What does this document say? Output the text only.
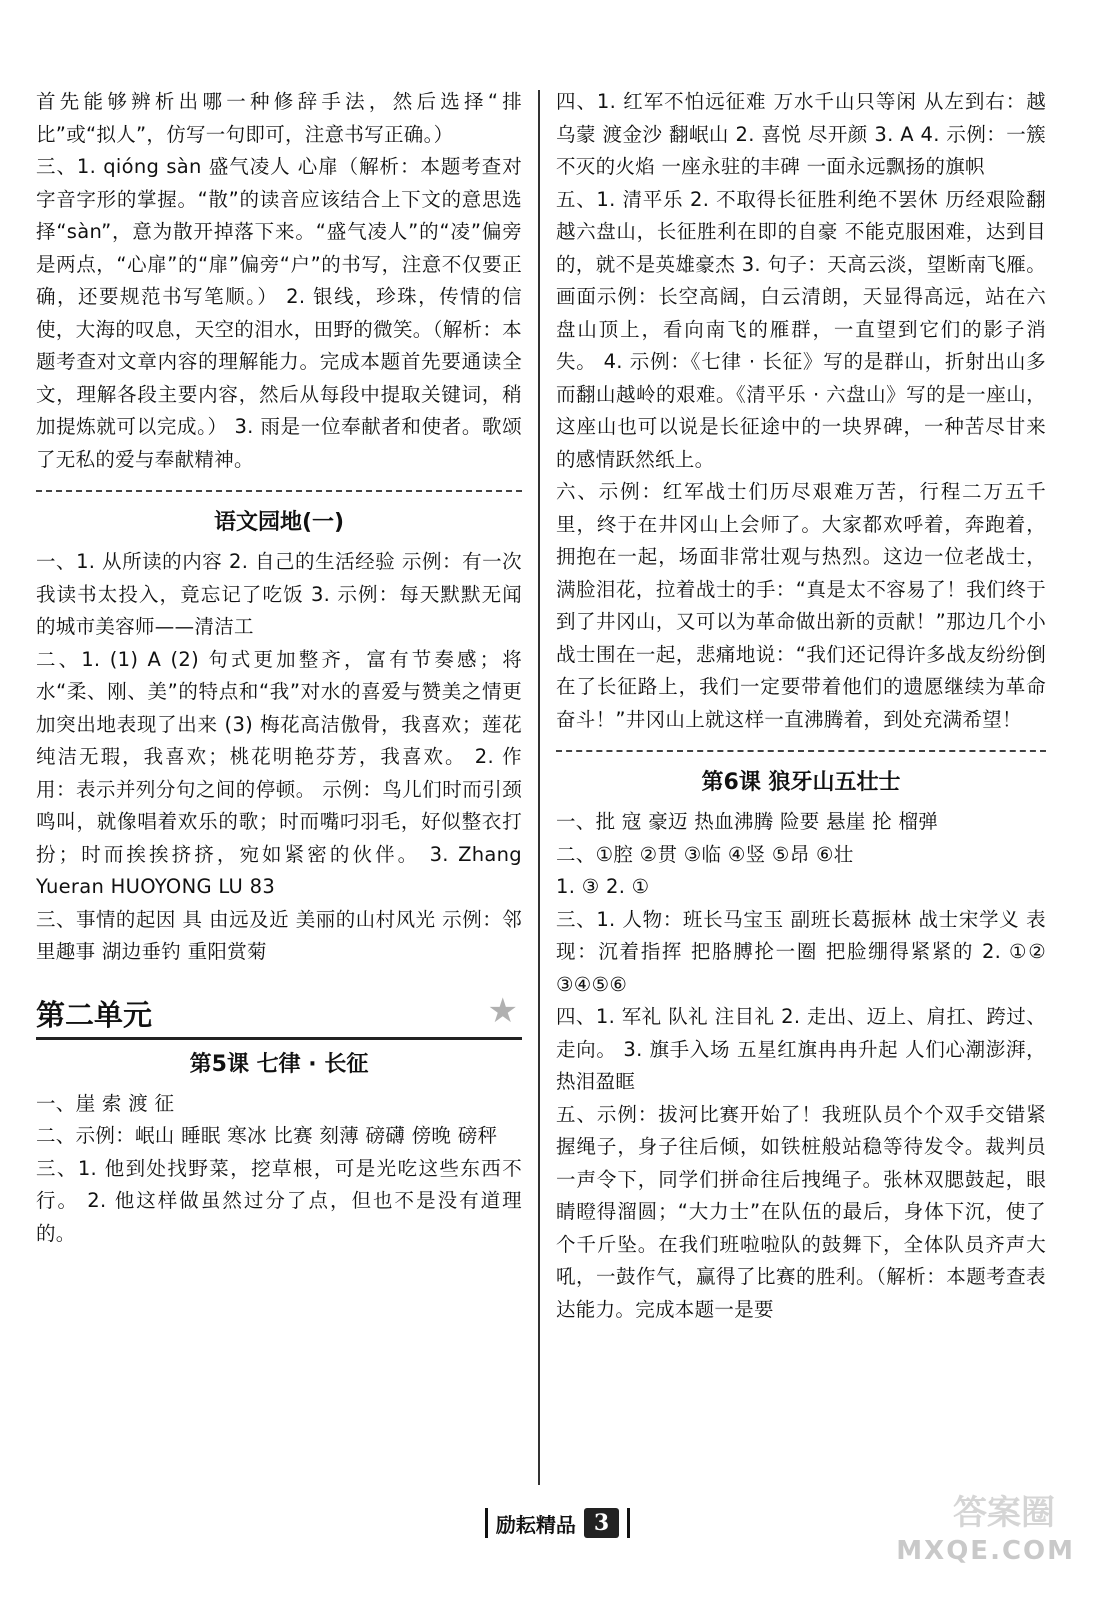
首先能够辨析出哪一种修辞手法，然后选择“排比”或“拟人”，仿写一句即可，注意书写正确。）

三、1. qióng sàn 盛气凌人 心扉（解析：本题考查对字音字形的掌握。“散”的读音应该结合上下文的意思选择“sàn”，意为散开掉落下来。“盛气凌人”的“凌”偏旁是两点，“心扉”的“扉”偏旁“户”的书写，注意不仅要正确，还要规范书写笔顺。） 2. 银线，珍珠，传情的信使，大海的叹息，天空的泪水，田野的微笑。（解析：本题考查对文章内容的理解能力。完成本题首先要通读全文，理解各段主要内容，然后从每段中提取关键词，稍加提炼就可以完成。） 3. 雨是一位奉献者和使者。歌颂了无私的爱与奉献精神。

语文园地(一)

一、1. 从所读的内容 2. 自己的生活经验 示例：有一次我读书太投入，竟忘记了吃饭 3. 示例：每天默默无闻的城市美容师——清洁工

二、1. (1) A (2) 句式更加整齐，富有节奏感；将水“柔、刚、美”的特点和“我”对水的喜爱与赞美之情更加突出地表现了出来 (3) 梅花高洁傲骨，我喜欢；莲花纯洁无瑕，我喜欢；桃花明艳芬芳，我喜欢。 2. 作用：表示并列分句之间的停顿。 示例：鸟儿们时而引颈鸣叫，就像唱着欢乐的歌；时而嘴叼羽毛，好似整衣打扮；时而挨挨挤挤，宛如紧密的伙伴。 3. Zhang Yueran HUOYONG LU 83

三、事情的起因 具 由远及近 美丽的山村风光 示例：邻里趣事 湖边垂钓 重阳赏菊

第二单元	★
第5课 七律 · 长征

一、崖 索 渡 征

二、示例：岷山 睡眠 寒冰 比赛 刻薄 磅礴 傍晚 磅秤

三、1. 他到处找野菜，挖草根，可是光吃这些东西不行。 2. 他这样做虽然过分了点，但也不是没有道理的。

四、1. 红军不怕远征难 万水千山只等闲 从左到右：越乌蒙 渡金沙 翻岷山 2. 喜悦 尽开颜 3. A 4. 示例：一簇不灭的火焰 一座永驻的丰碑 一面永远飘扬的旗帜

五、1. 清平乐 2. 不取得长征胜利绝不罢休 历经艰险翻越六盘山，长征胜利在即的自豪 不能克服困难，达到目的，就不是英雄豪杰 3. 句子：天高云淡，望断南飞雁。 画面示例：长空高阔，白云清朗，天显得高远，站在六盘山顶上，看向南飞的雁群，一直望到它们的影子消失。 4. 示例：《七律 · 长征》写的是群山，折射出山多而翻山越岭的艰难。《清平乐 · 六盘山》写的是一座山，这座山也可以说是长征途中的一块界碑，一种苦尽甘来的感情跃然纸上。

六、示例：红军战士们历尽艰难万苦，行程二万五千里，终于在井冈山上会师了。大家都欢呼着，奔跑着，拥抱在一起，场面非常壮观与热烈。这边一位老战士，满脸泪花，拉着战士的手：“真是太不容易了！我们终于到了井冈山，又可以为革命做出新的贡献！”那边几个小战士围在一起，悲痛地说：“我们还记得许多战友纷纷倒在了长征路上，我们一定要带着他们的遗愿继续为革命奋斗！”井冈山上就这样一直沸腾着，到处充满希望！

第6课 狼牙山五壮士

一、批 寇 豪迈 热血沸腾 险要 悬崖 抡 榴弹

二、①腔 ②贯 ③临 ④竖 ⑤昂 ⑥壮

1. ③ 2. ①

三、1. 人物：班长马宝玉 副班长葛振林 战士宋学义 表现：沉着指挥 把胳膊抡一圈 把脸绷得紧紧的 2. ①② ③④⑤⑥

四、1. 军礼 队礼 注目礼 2. 走出、迈上、肩扛、跨过、走向。 3. 旗手入场 五星红旗冉冉升起 人们心潮澎湃，热泪盈眶

五、示例：拔河比赛开始了！我班队员个个双手交错紧握绳子，身子往后倾，如铁桩般站稳等待发令。裁判员一声令下，同学们拼命往后拽绳子。张林双腮鼓起，眼睛瞪得溜圆；“大力士”在队伍的最后，身体下沉，使了个千斤坠。在我们班啦啦队的鼓舞下，全体队员齐声大吼，一鼓作气，赢得了比赛的胜利。（解析：本题考查表达能力。完成本题一是要

励耘精品 3	答案圈
MXQE.COM
